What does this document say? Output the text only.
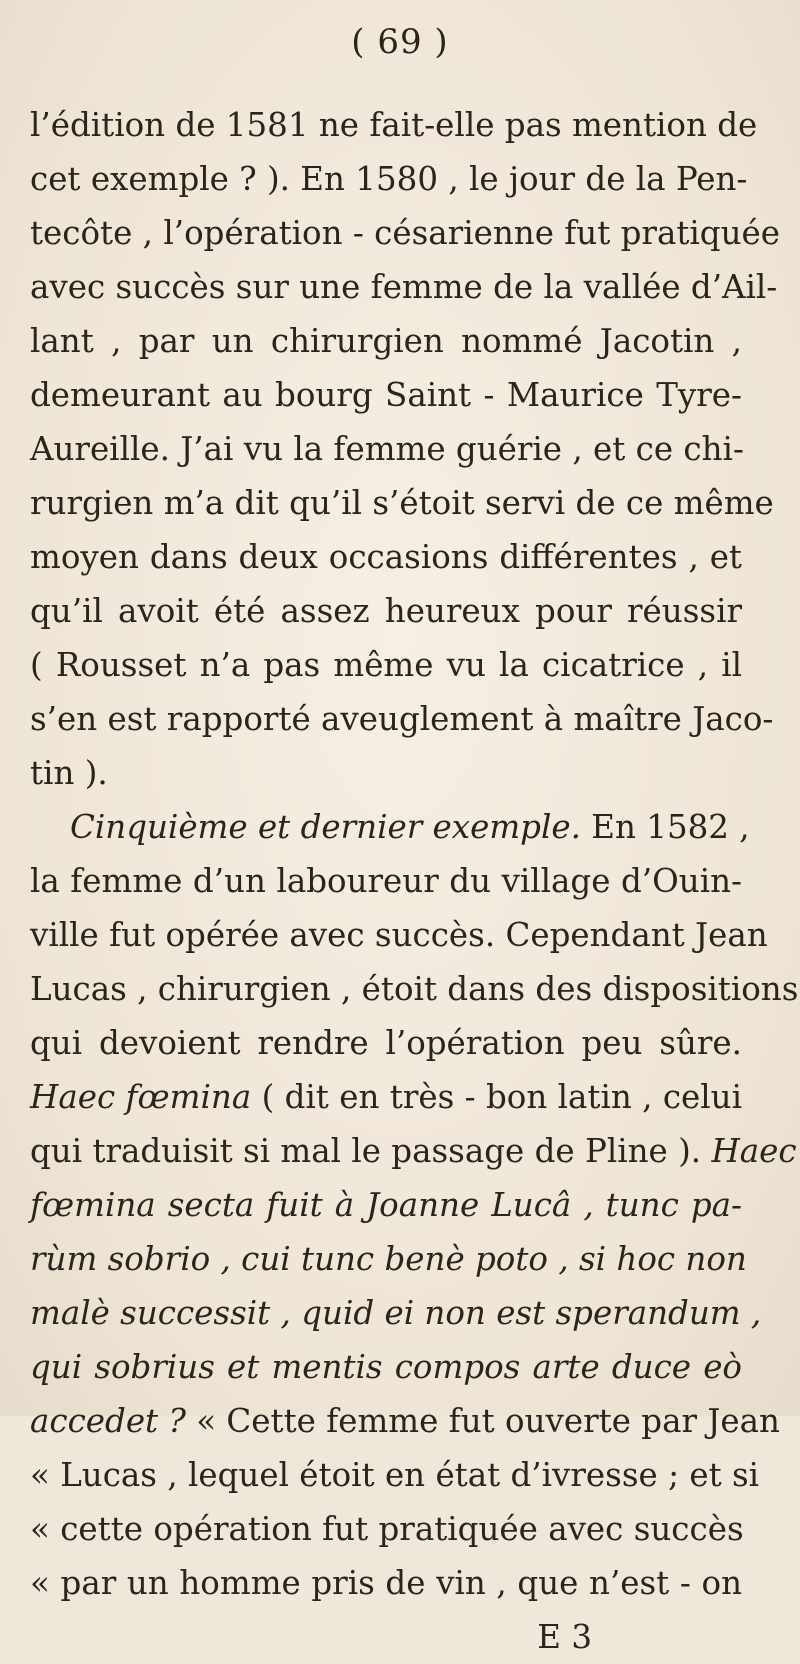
( 69 )
l’édition de 1581 ne fait-elle pas mention de
cet exemple ? ). En 1580 , le jour de la Pen-
tecôte , l’opération - césarienne fut pratiquée
avec succès sur une femme de la vallée d’Ail-
lant , par un chirurgien nommé Jacotin ,
demeurant au bourg Saint - Maurice Tyre-
Aureille. J’ai vu la femme guérie , et ce chi-
rurgien m’a dit qu’il s’étoit servi de ce même
moyen dans deux occasions différentes , et
qu’il avoit été assez heureux pour réussir
( Rousset n’a pas même vu la cicatrice , il
s’en est rapporté aveuglement à maître Jaco-
tin ).
Cinquième et dernier exemple. En 1582 ,
la femme d’un laboureur du village d’Ouin-
ville fut opérée avec succès. Cependant Jean
Lucas , chirurgien , étoit dans des dispositions
qui devoient rendre l’opération peu sûre.
Haec fœmina ( dit en très - bon latin , celui
qui traduisit si mal le passage de Pline ). Haec
fœmina secta fuit à Joanne Lucâ , tunc pa-
rùm sobrio , cui tunc benè poto , si hoc non
malè successit , quid ei non est sperandum ,
qui sobrius et mentis compos arte duce eò
accedet ? « Cette femme fut ouverte par Jean
« Lucas , lequel étoit en état d’ivresse ; et si
« cette opération fut pratiquée avec succès
« par un homme pris de vin , que n’est - on
E 3
